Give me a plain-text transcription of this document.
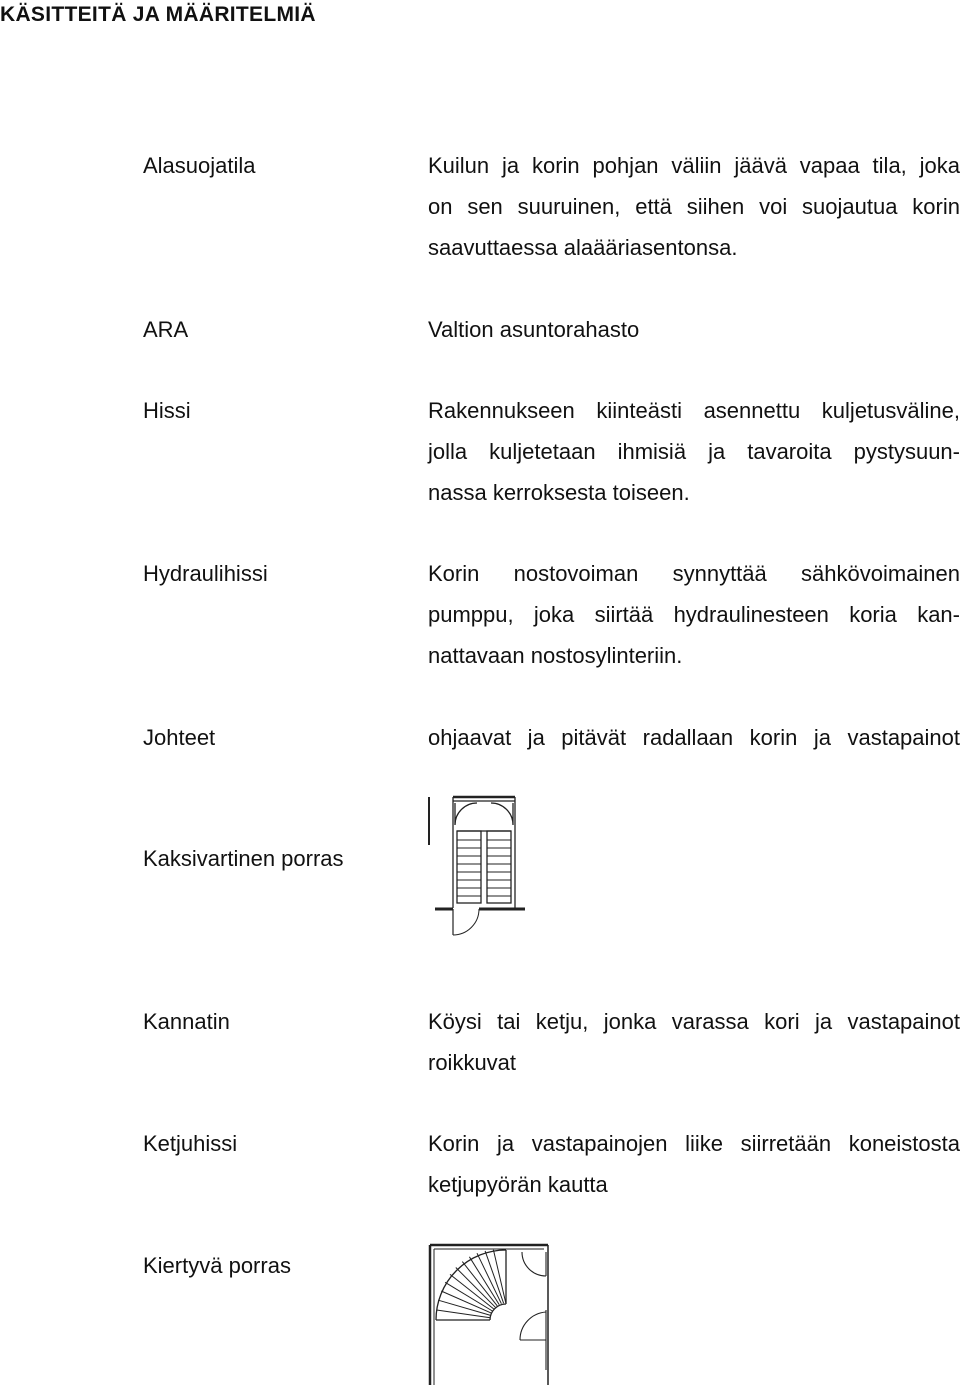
KÄSITTEITÄ JA MÄÄRITELMIÄ
Alasuojatila	Kuilun ja korin pohjan väliin jäävä vapaa tila, joka
on sen suuruinen, että siihen voi suojautua korin
saavuttaessa alaääriasentonsa.
ARA	Valtion asuntorahasto
Hissi	Rakennukseen kiinteästi asennettu kuljetusväline,
jolla kuljetetaan ihmisiä ja tavaroita pystysuun-
nassa kerroksesta toiseen.
Hydraulihissi	Korin nostovoiman synnyttää sähkövoimainen
pumppu, joka siirtää hydraulinesteen koria kan-
nattavaan nostosylinteriin.
Johteet	ohjaavat ja pitävät radallaan korin ja vastapainot
Kaksivartinen porras
Kannatin	Köysi tai ketju, jonka varassa kori ja vastapainot
roikkuvat
Ketjuhissi	Korin ja vastapainojen liike siirretään koneistosta
ketjupyörän kautta
Kiertyvä porras
